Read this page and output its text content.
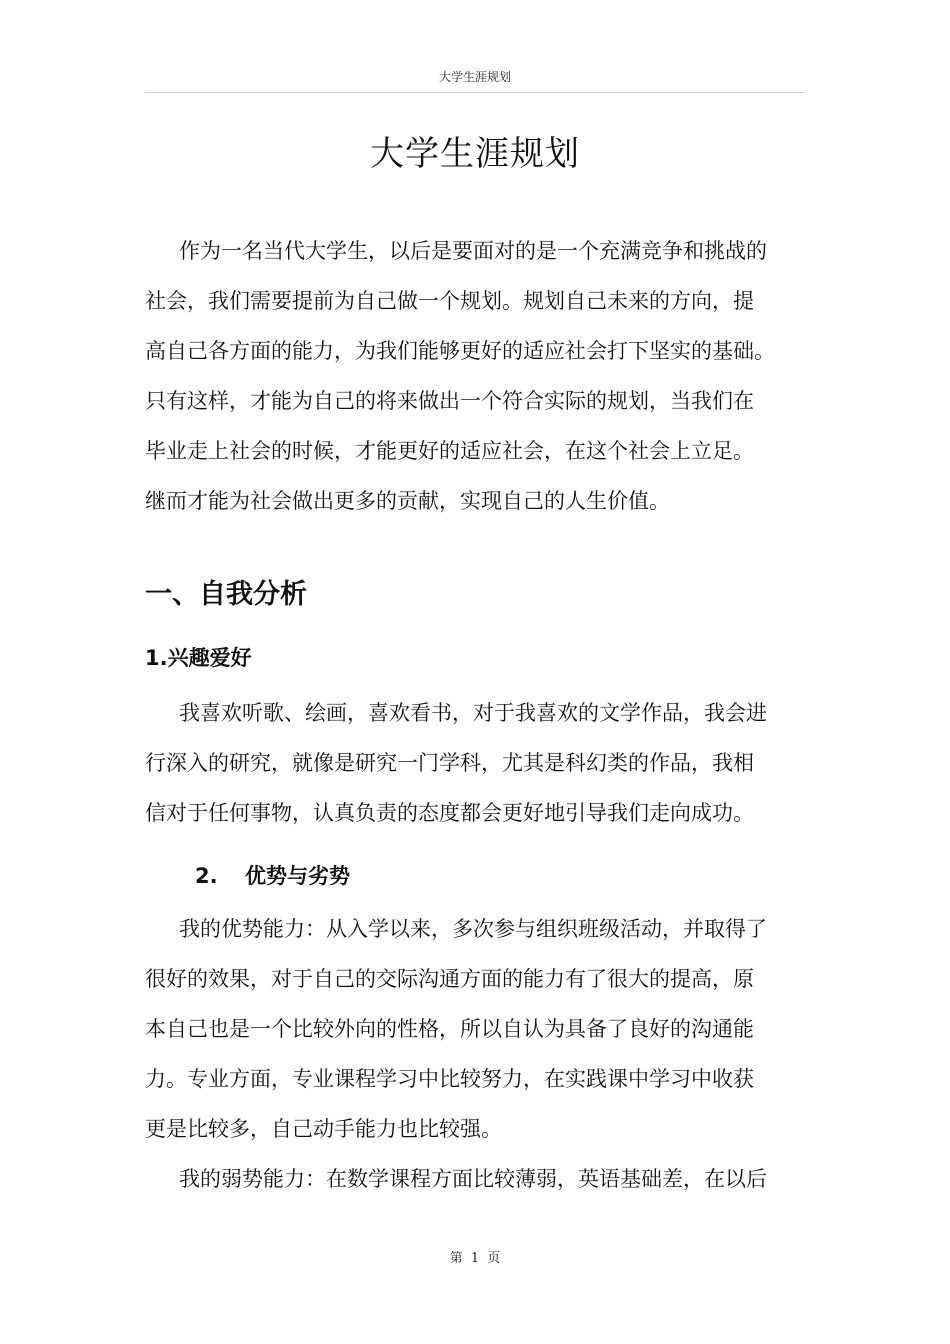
大学生涯规划
大学生涯规划
作为一名当代大学生，以后是要面对的是一个充满竞争和挑战的
社会，我们需要提前为自己做一个规划。规划自己未来的方向，提
高自己各方面的能力，为我们能够更好的适应社会打下坚实的基础。
只有这样，才能为自己的将来做出一个符合实际的规划，当我们在
毕业走上社会的时候，才能更好的适应社会，在这个社会上立足。
继而才能为社会做出更多的贡献，实现自己的人生价值。
一、自我分析
1.兴趣爱好
我喜欢听歌、绘画，喜欢看书，对于我喜欢的文学作品，我会进
行深入的研究，就像是研究一门学科，尤其是科幻类的作品，我相
信对于任何事物，认真负责的态度都会更好地引导我们走向成功。
2. 优势与劣势
我的优势能力：从入学以来，多次参与组织班级活动，并取得了
很好的效果，对于自己的交际沟通方面的能力有了很大的提高，原
本自己也是一个比较外向的性格，所以自认为具备了良好的沟通能
力。专业方面，专业课程学习中比较努力，在实践课中学习中收获
更是比较多，自己动手能力也比较强。
我的弱势能力：在数学课程方面比较薄弱，英语基础差，在以后
第 1 页
